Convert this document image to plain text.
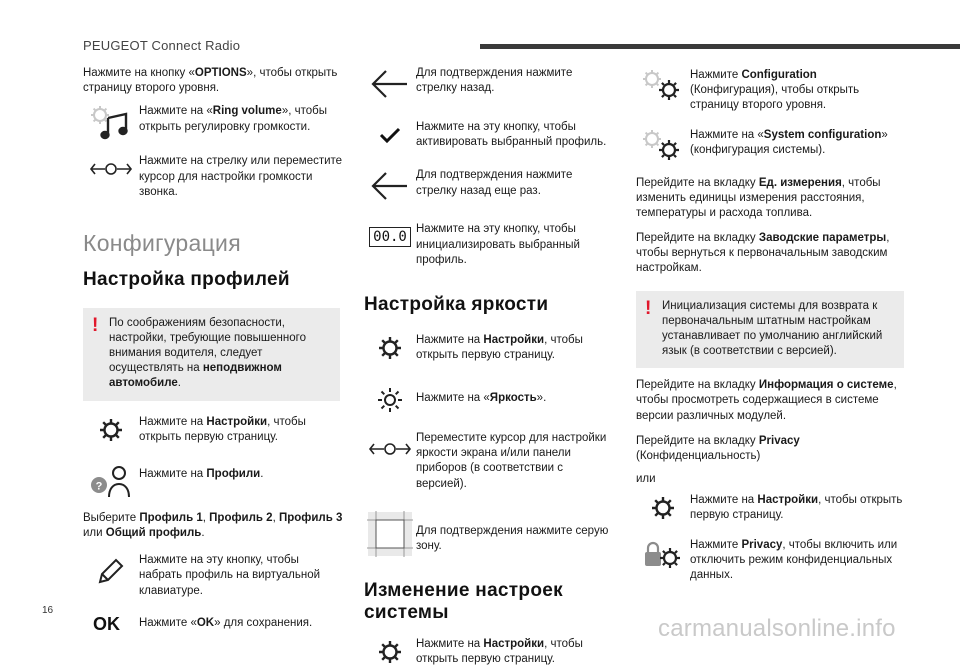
PEUGEOT Connect Radio

Нажмите на кнопку «OPTIONS», чтобы открыть страницу второго уровня.

Нажмите на «Ring volume», чтобы открыть регулировку громкости.
Нажмите на стрелку или переместите курсор для настройки громкости звонка.
Конфигурация
Настройка профилей
! По соображениям безопасности, настройки, требующие повышенного внимания водителя, следует осуществлять на неподвижном автомобиле.
Нажмите на Настройки, чтобы открыть первую страницу.
?
Нажмите на Профили.

Выберите Профиль 1, Профиль 2, Профиль 3 или Общий профиль.

Нажмите на эту кнопку, чтобы набрать профиль на виртуальной клавиатуре.
OK Нажмите «OK» для сохранения.
Для подтверждения нажмите стрелку назад.
Нажмите на эту кнопку, чтобы активировать выбранный профиль.
Для подтверждения нажмите стрелку назад еще раз.
00.0 Нажмите на эту кнопку, чтобы инициализировать выбранный профиль.
Настройка яркости
Нажмите на Настройки, чтобы открыть первую страницу.
Нажмите на «Яркость».
Переместите курсор для настройки яркости экрана и/или панели приборов (в соответствии с версией).
Для подтверждения нажмите серую зону.
Изменение настроек системы
Нажмите на Настройки, чтобы открыть первую страницу.
Нажмите Configuration (Конфигурация), чтобы открыть страницу второго уровня.
Нажмите на «System configuration» (конфигурация системы).

Перейдите на вкладку Ед. измерения, чтобы изменить единицы измерения расстояния, температуры и расхода топлива.

Перейдите на вкладку Заводские параметры, чтобы вернуться к первоначальным заводским настройкам.

! Инициализация системы для возврата к первоначальным штатным настройкам устанавливает по умолчанию английский язык (в соответствии с версией).

Перейдите на вкладку Информация о системе, чтобы просмотреть содержащиеся в системе версии различных модулей.

Перейдите на вкладку Privacy (Конфиденциальность)

или

Нажмите на Настройки, чтобы открыть первую страницу.
Нажмите Privacy, чтобы включить или отключить режим конфиденциальных данных.
16
carmanualsonline.info
